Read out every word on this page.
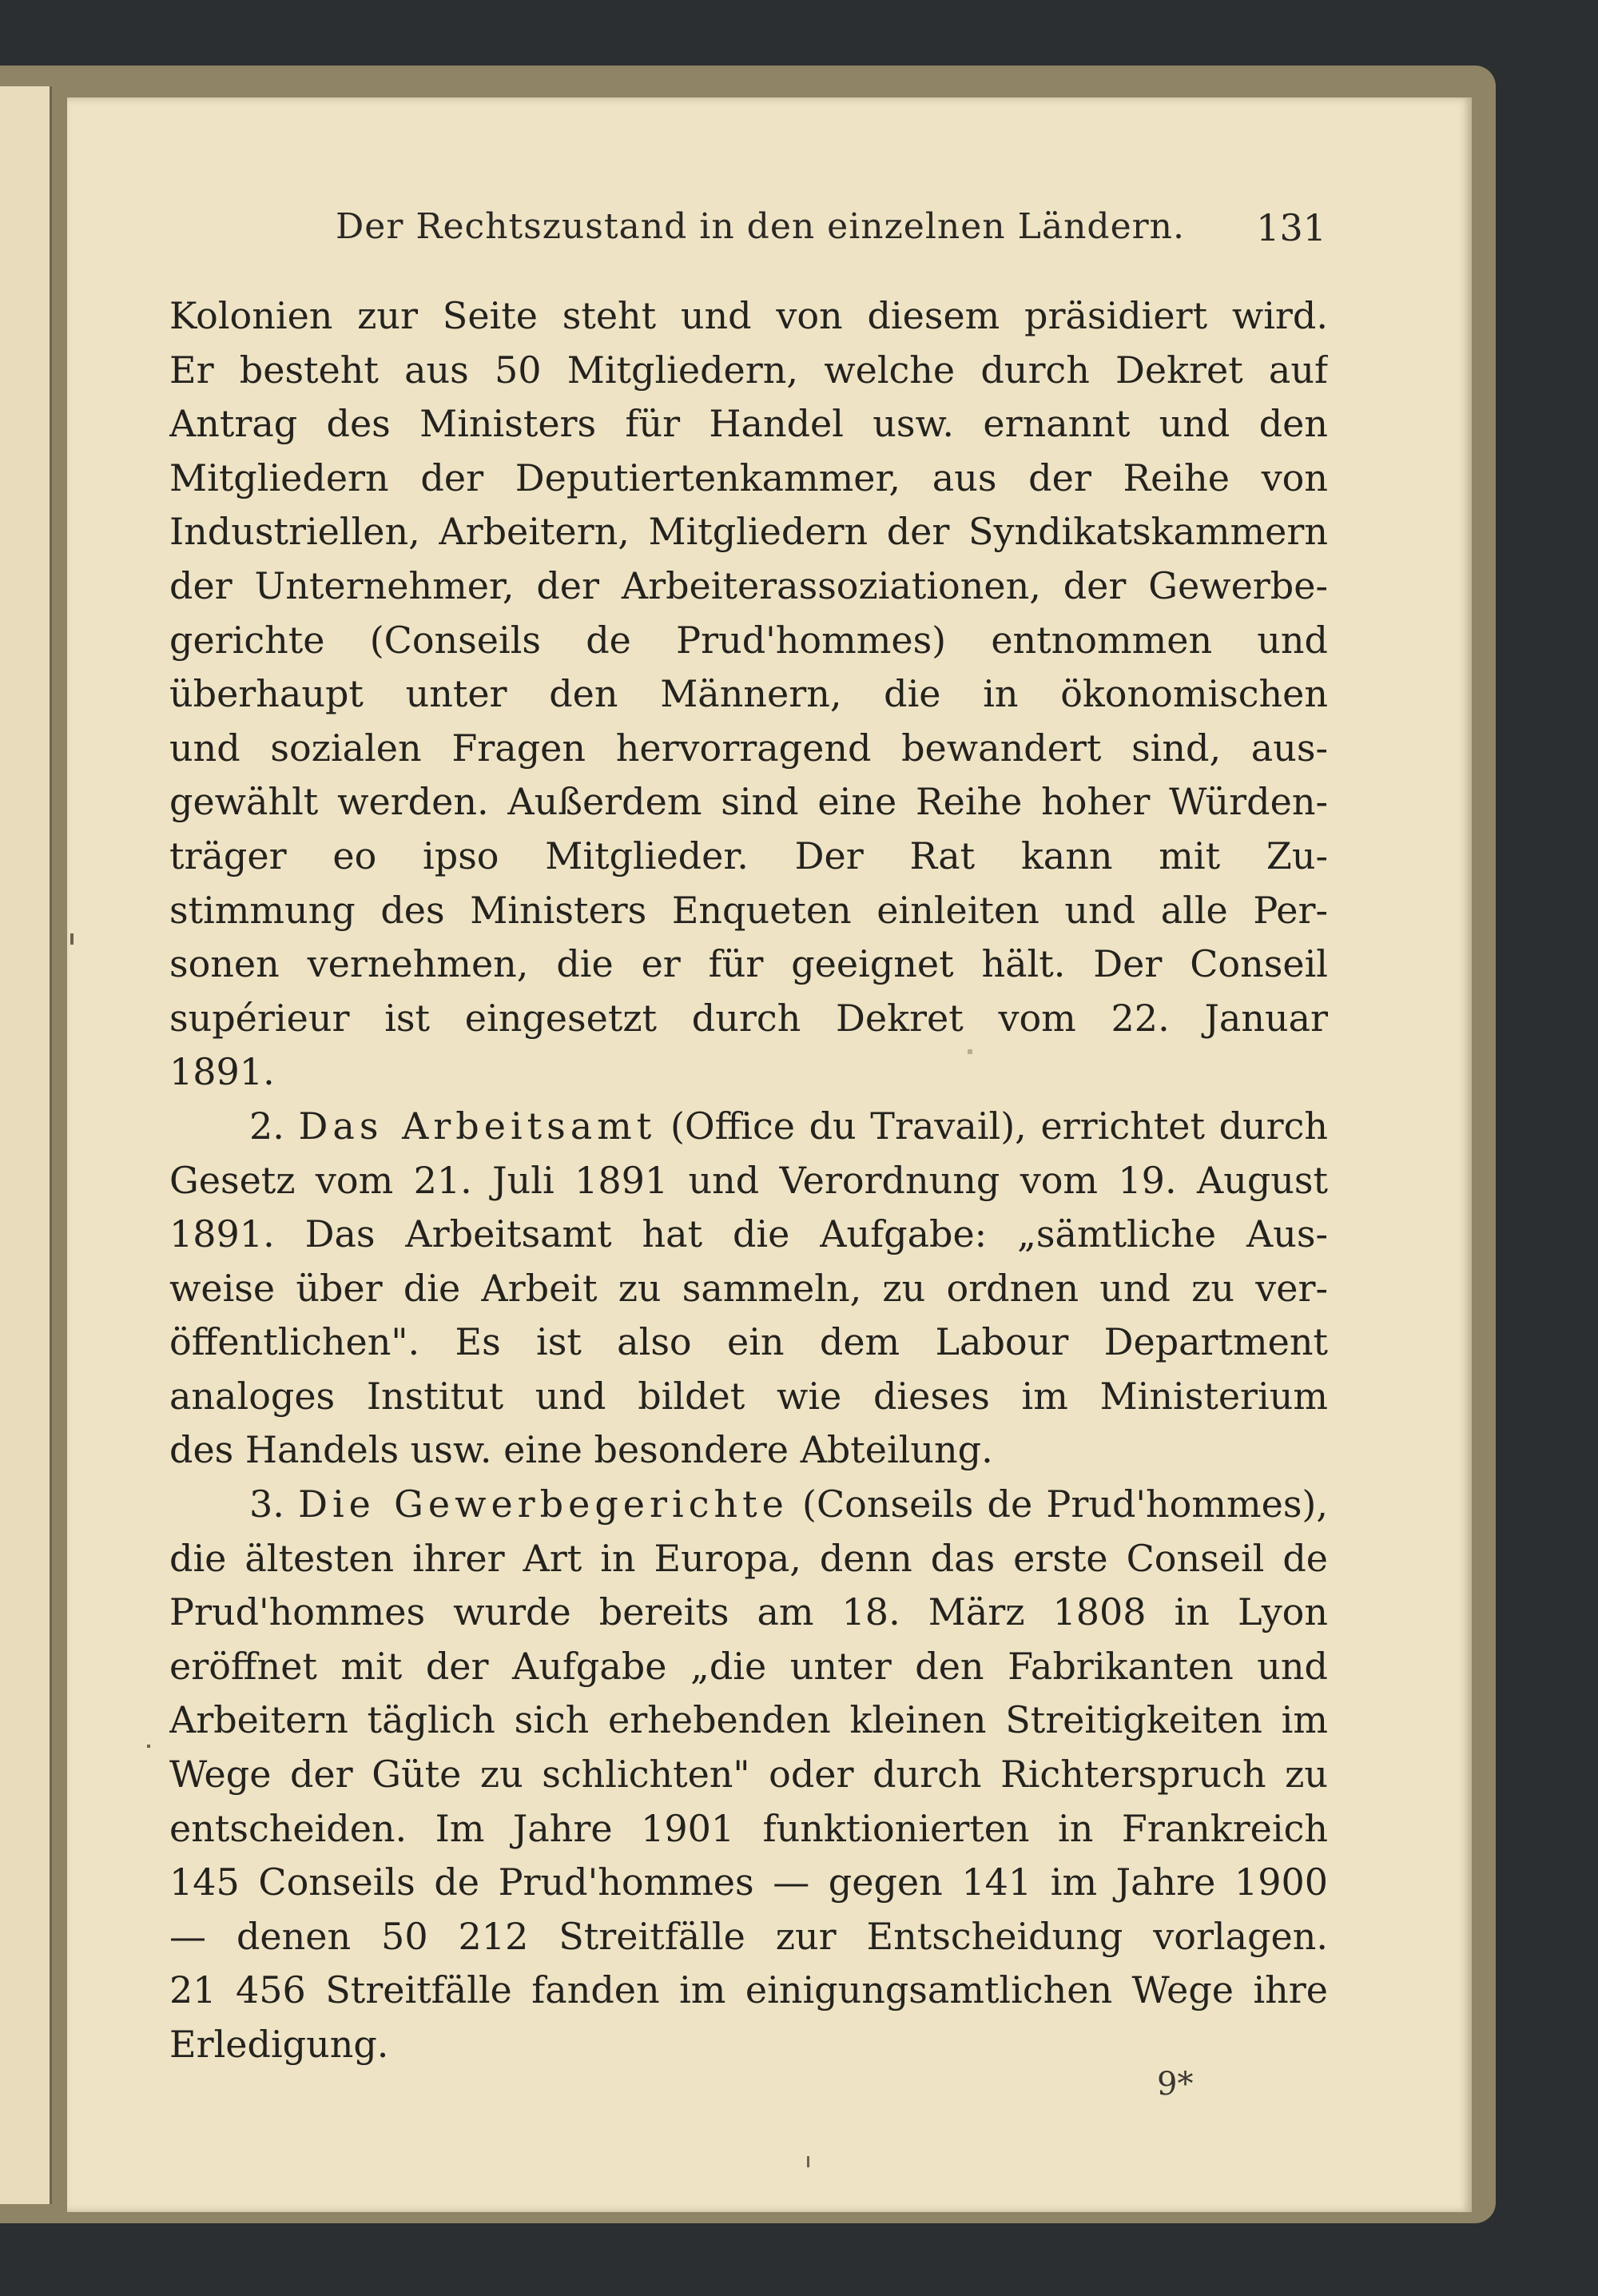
Der Rechtszustand in den einzelnen Ländern. 131
Kolonien zur Seite steht und von diesem präsidiert wird.
Er besteht aus 50 Mitgliedern, welche durch Dekret auf
Antrag des Ministers für Handel usw. ernannt und den
Mitgliedern der Deputiertenkammer, aus der Reihe von
Industriellen, Arbeitern, Mitgliedern der Syndikatskammern
der Unternehmer, der Arbeiterassoziationen, der Gewerbe-
gerichte (Conseils de Prud'hommes) entnommen und
überhaupt unter den Männern, die in ökonomischen
und sozialen Fragen hervorragend bewandert sind, aus-
gewählt werden. Außerdem sind eine Reihe hoher Würden-
träger eo ipso Mitglieder. Der Rat kann mit Zu-
stimmung des Ministers Enqueten einleiten und alle Per-
sonen vernehmen, die er für geeignet hält. Der Conseil
supérieur ist eingesetzt durch Dekret vom 22. Januar
1891.
2. Das Arbeitsamt (Office du Travail), errichtet durch
Gesetz vom 21. Juli 1891 und Verordnung vom 19. August
1891. Das Arbeitsamt hat die Aufgabe: „sämtliche Aus-
weise über die Arbeit zu sammeln, zu ordnen und zu ver-
öffentlichen". Es ist also ein dem Labour Department
analoges Institut und bildet wie dieses im Ministerium
des Handels usw. eine besondere Abteilung.
3. Die Gewerbegerichte (Conseils de Prud'hommes),
die ältesten ihrer Art in Europa, denn das erste Conseil de
Prud'hommes wurde bereits am 18. März 1808 in Lyon
eröffnet mit der Aufgabe „die unter den Fabrikanten und
Arbeitern täglich sich erhebenden kleinen Streitigkeiten im
Wege der Güte zu schlichten" oder durch Richterspruch zu
entscheiden. Im Jahre 1901 funktionierten in Frankreich
145 Conseils de Prud'hommes — gegen 141 im Jahre 1900
— denen 50 212 Streitfälle zur Entscheidung vorlagen.
21 456 Streitfälle fanden im einigungsamtlichen Wege ihre
Erledigung.
9*
